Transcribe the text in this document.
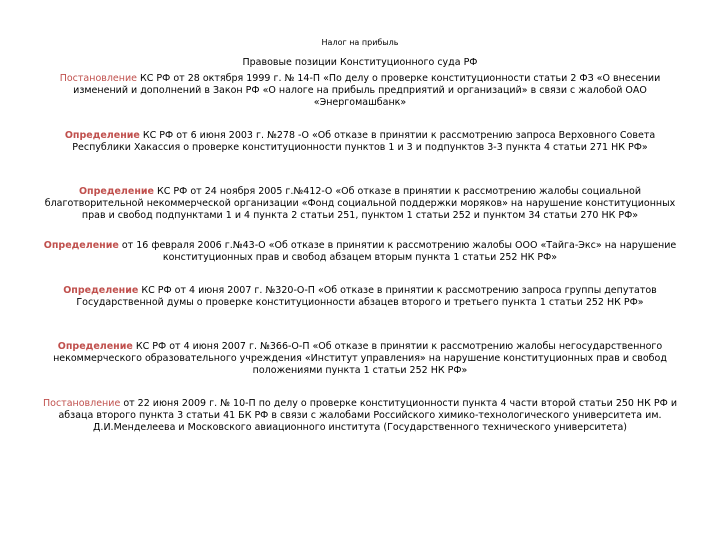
Налог на прибыль
Правовые позиции Конституционного суда РФ
Постановление КС РФ от 28 октября 1999 г. № 14-П «По делу о проверке конституционности статьи 2 ФЗ «О внесении изменений и дополнений в Закон РФ «О налоге на прибыль предприятий и организаций» в связи с жалобой ОАО «Энергомашбанк»
Определение КС РФ от 6 июня 2003 г. №278 -О «Об отказе в принятии к рассмотрению запроса Верховного Совета Республики Хакассия о проверке конституционности пунктов 1 и 3 и подпунктов 3-3 пункта 4 статьи 271 НК РФ»
Определение КС РФ от 24 ноября 2005 г.№412-О «Об отказе в принятии к рассмотрению жалобы социальной благотворительной некоммерческой организации «Фонд социальной поддержки моряков» на нарушение конституционных прав и свобод подпунктами 1 и 4 пункта 2 статьи 251, пунктом 1 статьи 252 и пунктом 34 статьи 270 НК РФ»
Определение от 16 февраля 2006 г.№43-О «Об отказе в принятии к рассмотрению жалобы ООО «Тайга-Экс» на нарушение конституционных прав и свобод абзацем вторым пункта 1 статьи 252 НК РФ»
Определение КС РФ от 4 июня 2007 г. №320-О-П «Об отказе в принятии к рассмотрению запроса группы депутатов Государственной думы о проверке конституционности абзацев второго и третьего пункта 1 статьи 252 НК РФ»
Определение КС РФ от 4 июня 2007 г. №366-О-П «Об отказе в принятии к рассмотрению жалобы негосударственного некоммерческого образовательного учреждения «Институт управления» на нарушение конституционных прав и свобод положениями пункта 1 статьи 252 НК РФ»
Постановление от 22 июня 2009 г. № 10-П по делу о проверке конституционности пункта 4 части второй статьи 250 НК РФ и абзаца второго пункта 3 статьи 41 БК РФ в связи с жалобами Российского химико-технологического университета им. Д.И.Менделеева и Московского авиационного института (Государственного технического университета)
